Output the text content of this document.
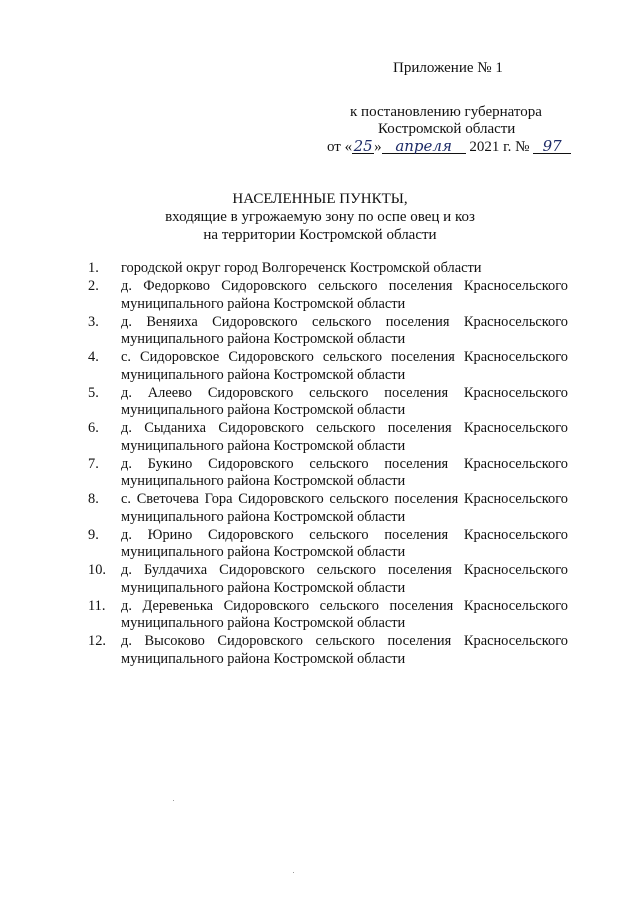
Приложение № 1
к постановлению губернатора
Костромской области
от «25» апреля 2021 г. № 97
НАСЕЛЕННЫЕ ПУНКТЫ,
входящие в угрожаемую зону по оспе овец и коз
на территории Костромской области
1. городской округ город Волгореченск Костромской области
2. д. Федорково Сидоровского сельского поселения Красносельского муниципального района Костромской области
3. д. Веняиха Сидоровского сельского поселения Красносельского муниципального района Костромской области
4. с. Сидоровское Сидоровского сельского поселения Красносельского муниципального района Костромской области
5. д. Алеево Сидоровского сельского поселения Красносельского муниципального района Костромской области
6. д. Сыданиха Сидоровского сельского поселения Красносельского муниципального района Костромской области
7. д. Букино Сидоровского сельского поселения Красносельского муниципального района Костромской области
8. с. Светочева Гора Сидоровского сельского поселения Красносельского муниципального района Костромской области
9. д. Юрино Сидоровского сельского поселения Красносельского муниципального района Костромской области
10. д. Булдачиха Сидоровского сельского поселения Красносельского муниципального района Костромской области
11. д. Деревенька Сидоровского сельского поселения Красносельского муниципального района Костромской области
12. д. Высоково Сидоровского сельского поселения Красносельского муниципального района Костромской области
